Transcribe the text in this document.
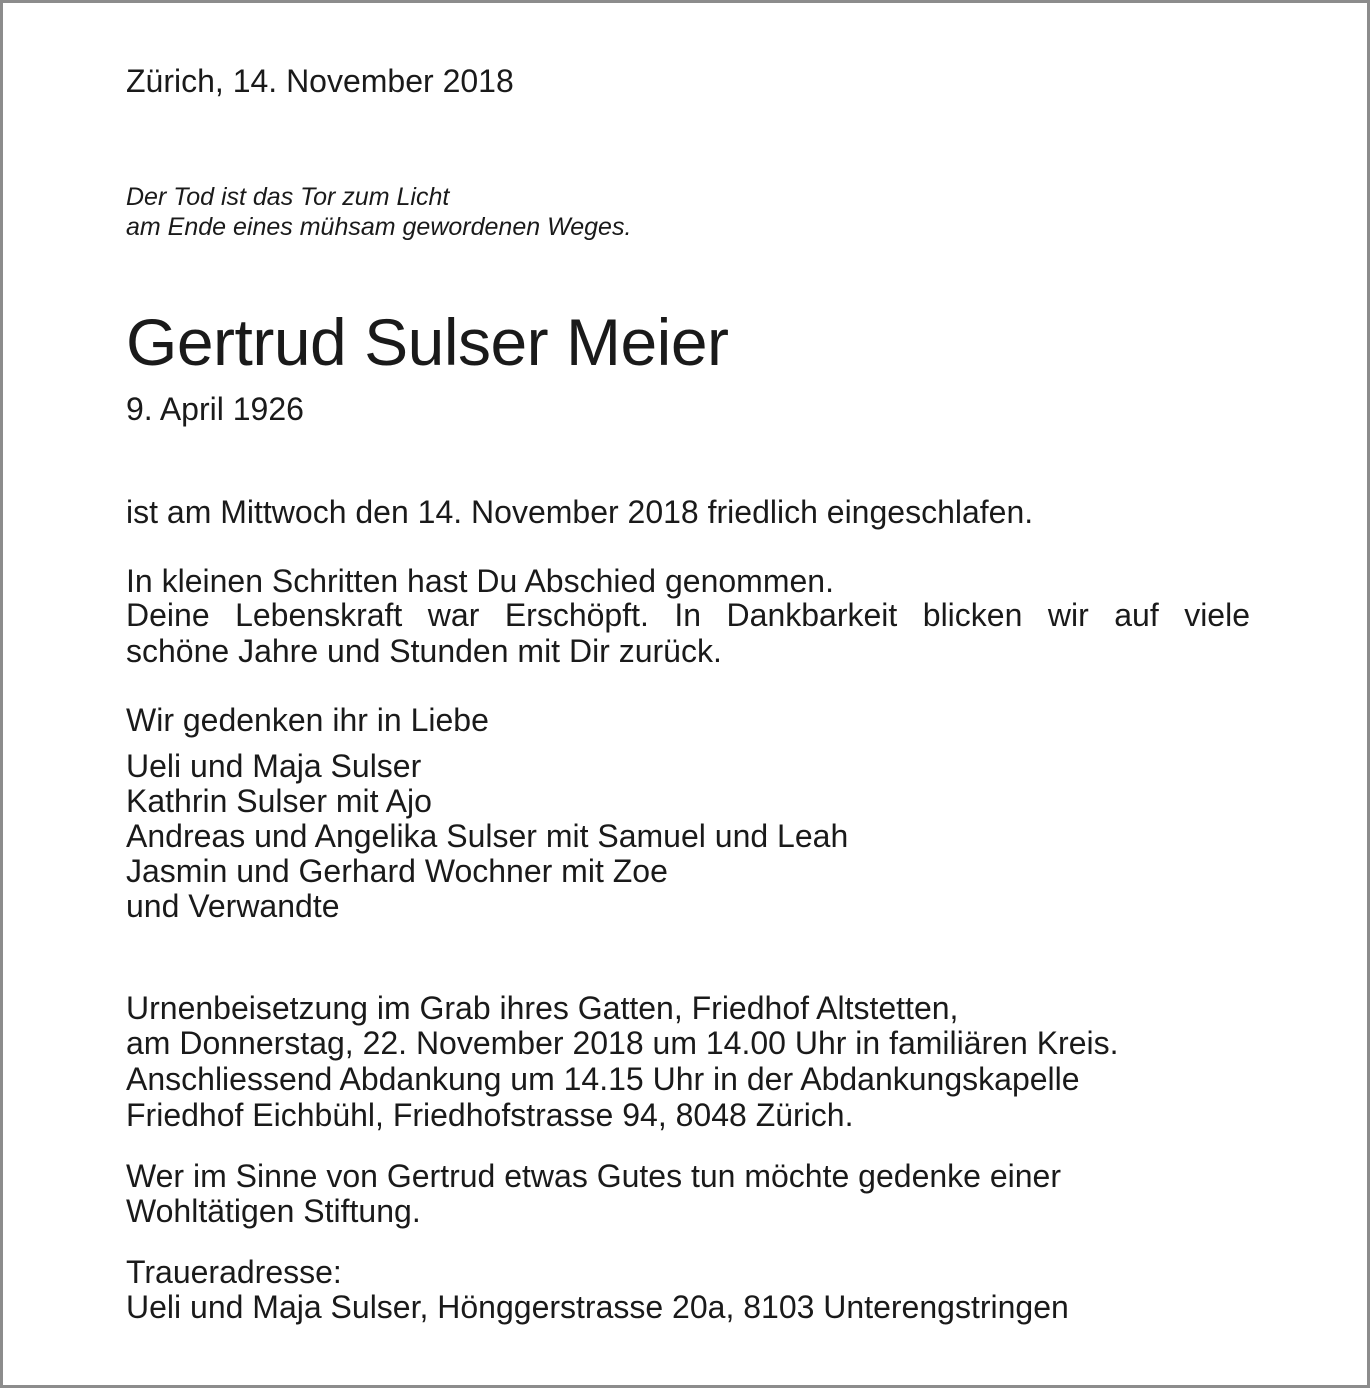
Zürich, 14. November 2018
Der Tod ist das Tor zum Licht
am Ende eines mühsam gewordenen Weges.
Gertrud Sulser Meier
9. April 1926
ist am Mittwoch den 14. November 2018 friedlich eingeschlafen.
In kleinen Schritten hast Du Abschied genommen.
Deine Lebenskraft war Erschöpft. In Dankbarkeit blicken wir auf viele
schöne Jahre und Stunden mit Dir zurück.
Wir gedenken ihr in Liebe
Ueli und Maja Sulser
Kathrin Sulser mit Ajo
Andreas und Angelika Sulser mit Samuel und Leah
Jasmin und Gerhard Wochner mit Zoe
und Verwandte
Urnenbeisetzung im Grab ihres Gatten, Friedhof Altstetten,
am Donnerstag, 22. November 2018 um 14.00 Uhr in familiären Kreis.
Anschliessend Abdankung um 14.15 Uhr in der Abdankungskapelle
Friedhof Eichbühl, Friedhofstrasse 94, 8048 Zürich.
Wer im Sinne von Gertrud etwas Gutes tun möchte gedenke einer
Wohltätigen Stiftung.
Traueradresse:
Ueli und Maja Sulser, Hönggerstrasse 20a, 8103 Unterengstringen
